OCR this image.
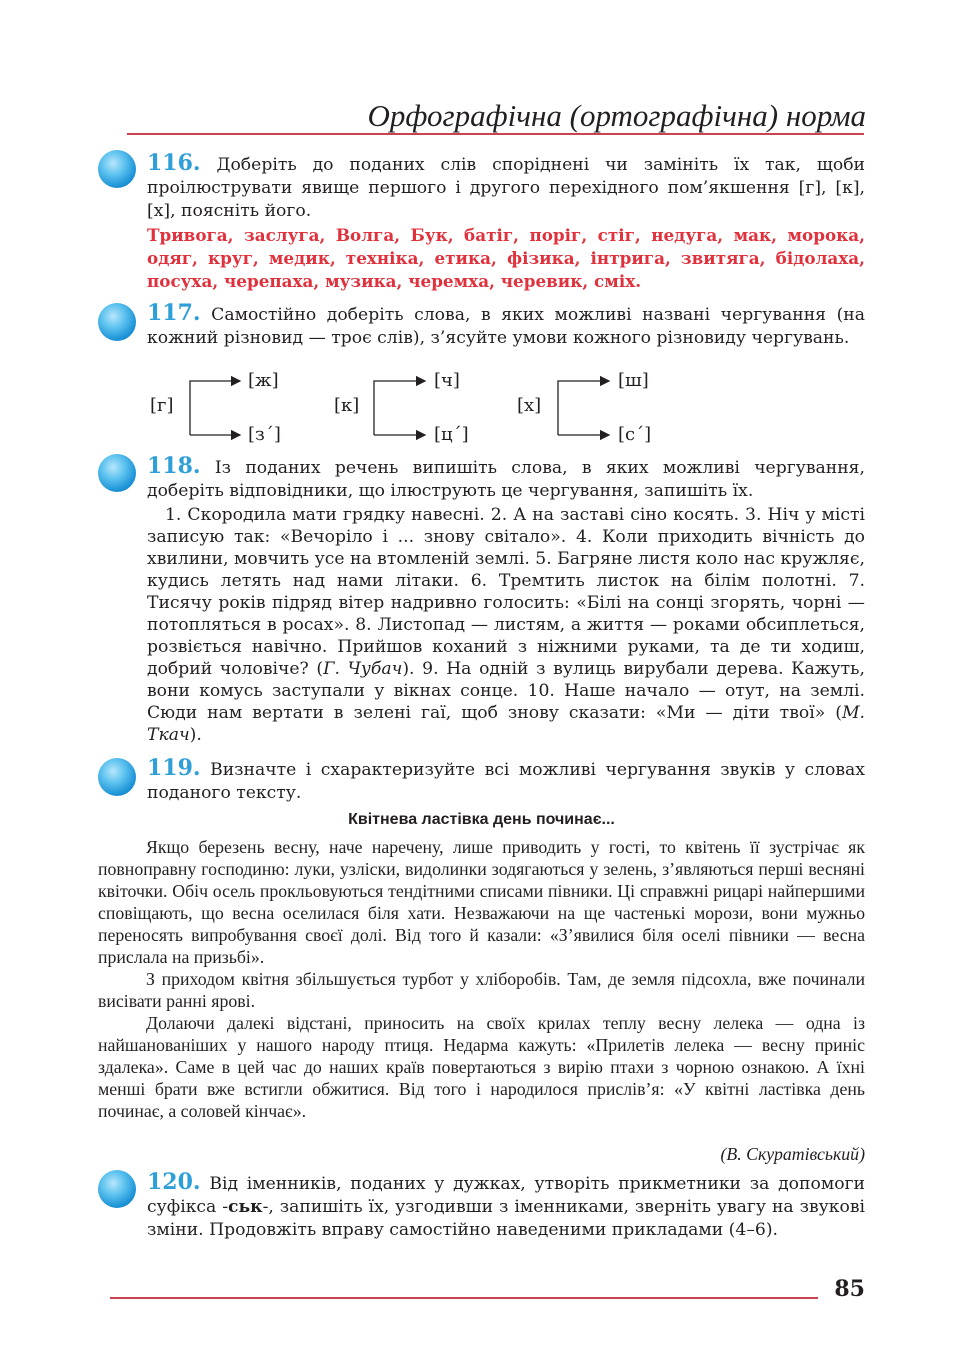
Орфографічна (ортографічна) норма
116. Доберіть до поданих слів споріднені чи замініть їх так, щоби проілюструвати явище першого і другого перехідного пом’якшення [г], [к], [х], поясніть його.
Тривога, заслуга, Волга, Бук, батіг, поріг, стіг, недуга, мак, морока, одяг, круг, медик, техніка, етика, фізика, інтрига, звитяга, бідолаха, посуха, черепаха, музика, черемха, черевик, сміх.
117. Самостійно доберіть слова, в яких можливі названі чергування (на кожний різновид — троє слів), з’ясуйте умови кожного різновиду чергувань.
[г]
[ж]
[з´]
[к]
[ч]
[ц´]
[х]
[ш]
[с´]
118. Із поданих речень випишіть слова, в яких можливі чергування, доберіть відповідники, що ілюструють це чергування, запишіть їх.

1. Скородила мати грядку навесні. 2. А на заставі сіно косять. 3. Ніч у місті записую так: «Вечоріло і ... знову світало». 4. Коли приходить вічність до хвилини, мовчить усе на втомленій землі. 5. Багряне листя коло нас кружляє, кудись летять над нами літаки. 6. Тремтить листок на білім полотні. 7. Тисячу років підряд вітер надривно голосить: «Білі на сонці згорять, чорні — потопляться в росах». 8. Листопад — листям, а життя — роками обсиплеться, розвіється навічно. Прийшов коханий з ніжними руками, та де ти ходиш, добрий чоловіче? (Г. Чубач). 9. На одній з вулиць вирубали дерева. Кажуть, вони комусь заступали у вікнах сонце. 10. Наше начало — отут, на землі. Сюди нам вертати в зелені гаї, щоб знову сказати: «Ми — діти твої» (М. Ткач).

119. Визначте і схарактеризуйте всі можливі чергування звуків у словах поданого тексту.
Квітнева ластівка день починає...

Якщо березень весну, наче наречену, лише приводить у гості, то квітень її зустрічає як повноправну господиню: луки, узліски, видолинки зодягаються у зелень, з’являються перші весняні квіточки. Обіч осель прокльовуються тендітними списами півники. Ці справжні рицарі найпершими сповіщають, що весна оселилася біля хати. Незважаючи на ще частенькі морози, вони мужньо переносять випробування своєї долі. Від того й казали: «З’явилися біля оселі півники — весна прислала на призьбі».

З приходом квітня збільшується турбот у хліборобів. Там, де земля підсохла, вже починали висівати ранні ярові.

Долаючи далекі відстані, приносить на своїх крилах теплу весну лелека — одна із найшанованіших у нашого народу птиця. Недарма кажуть: «Прилетів лелека — весну приніс здалека». Саме в цей час до наших країв повертаються з вирію птахи з чорною ознакою. А їхні менші брати вже встигли обжитися. Від того і народилося прислів’я: «У квітні ластівка день починає, а соловей кінчає».

(В. Скуратівський)
120. Від іменників, поданих у дужках, утворіть прикметники за допомоги суфікса -ськ-, запишіть їх, узгодивши з іменниками, зверніть увагу на звукові зміни. Продовжіть вправу самостійно наведеними прикладами (4–6).
85
